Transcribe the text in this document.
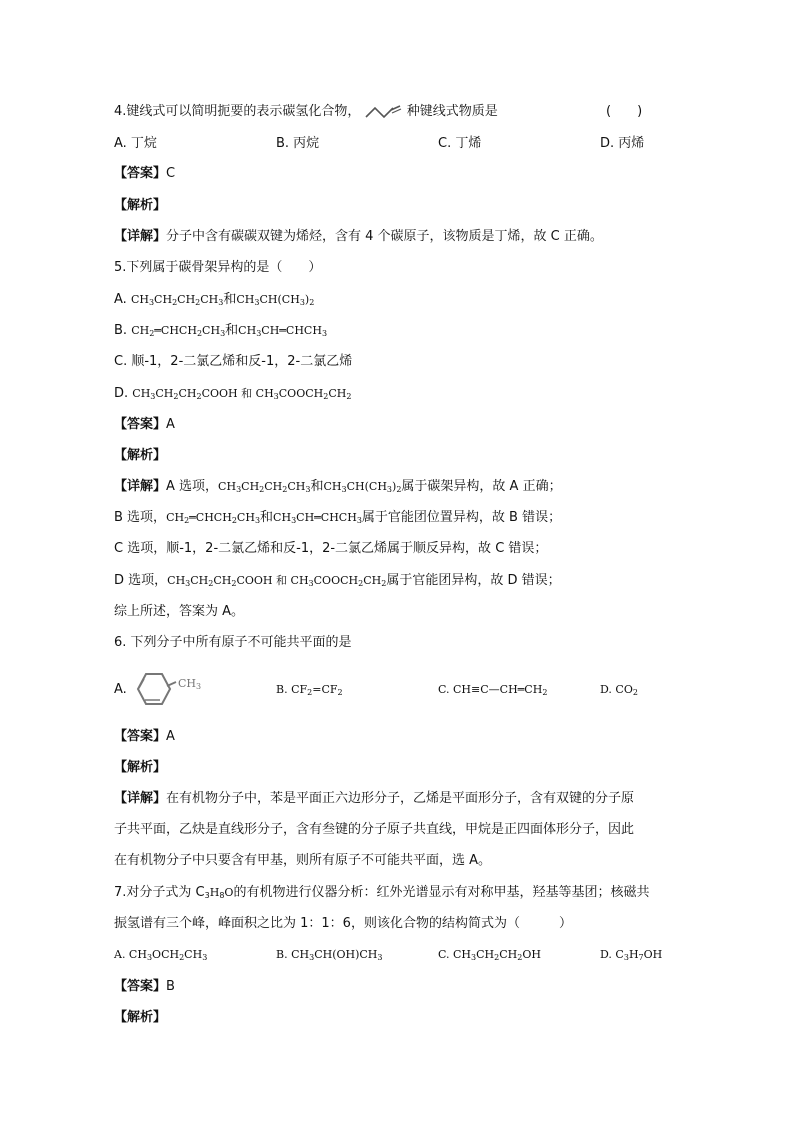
4.键线式可以简明扼要的表示碳氢化合物，	种键线式物质是	(　　)
A. 丁烷	B. 丙烷	C. 丁烯	D. 丙烯
【答案】C
【解析】
【详解】分子中含有碳碳双键为烯烃，含有 4 个碳原子，该物质是丁烯，故 C 正确。
5.下列属于碳骨架异构的是（　　）
A. $CH_3CH_2CH_2CH_3$和$CH_3CH(CH_3)_2$
B. $CH_2═CHCH_2CH_3$和$CH_3CH═CHCH_3$
C. 顺-1，2-二氯乙烯和反-1，2-二氯乙烯
D. $CH_3CH_2CH_2COOH$ 和 $CH_3COOCH_2CH_2$
【答案】A
【解析】
【详解】A 选项，$CH_3CH_2CH_2CH_3$和$CH_3CH(CH_3)_2$属于碳架异构，故 A 正确；
B 选项，$CH_2═CHCH_2CH_3$和$CH_3CH═CHCH_3$属于官能团位置异构，故 B 错误；
C 选项，顺-1，2-二氯乙烯和反-1，2-二氯乙烯属于顺反异构，故 C 错误；
D 选项，$CH_3CH_2CH_2COOH$ 和 $CH_3COOCH_2CH_2$属于官能团异构，故 D 错误；
综上所述，答案为 A。
6. 下列分子中所有原子不可能共平面的是
A.	$CH_3$	B. $CF_2=CF_2$	C. $CH\equiv C—CH═CH_2$	D. $CO_2$
【答案】A
【解析】
【详解】在有机物分子中，苯是平面正六边形分子，乙烯是平面形分子，含有双键的分子原
子共平面，乙炔是直线形分子，含有叁键的分子原子共直线，甲烷是正四面体形分子，因此
在有机物分子中只要含有甲基，则所有原子不可能共平面，选 A。
7.对分子式为 $C_3H_8O$的有机物进行仪器分析：红外光谱显示有对称甲基，羟基等基团；核磁共
振氢谱有三个峰，峰面积之比为 1：1：6，则该化合物的结构简式为（　　　）
A. $CH_3OCH_2CH_3$	B. $CH_3CH(OH)CH_3$	C. $CH_3CH_2CH_2OH$	D. $C_3H_7OH$
【答案】B
【解析】
